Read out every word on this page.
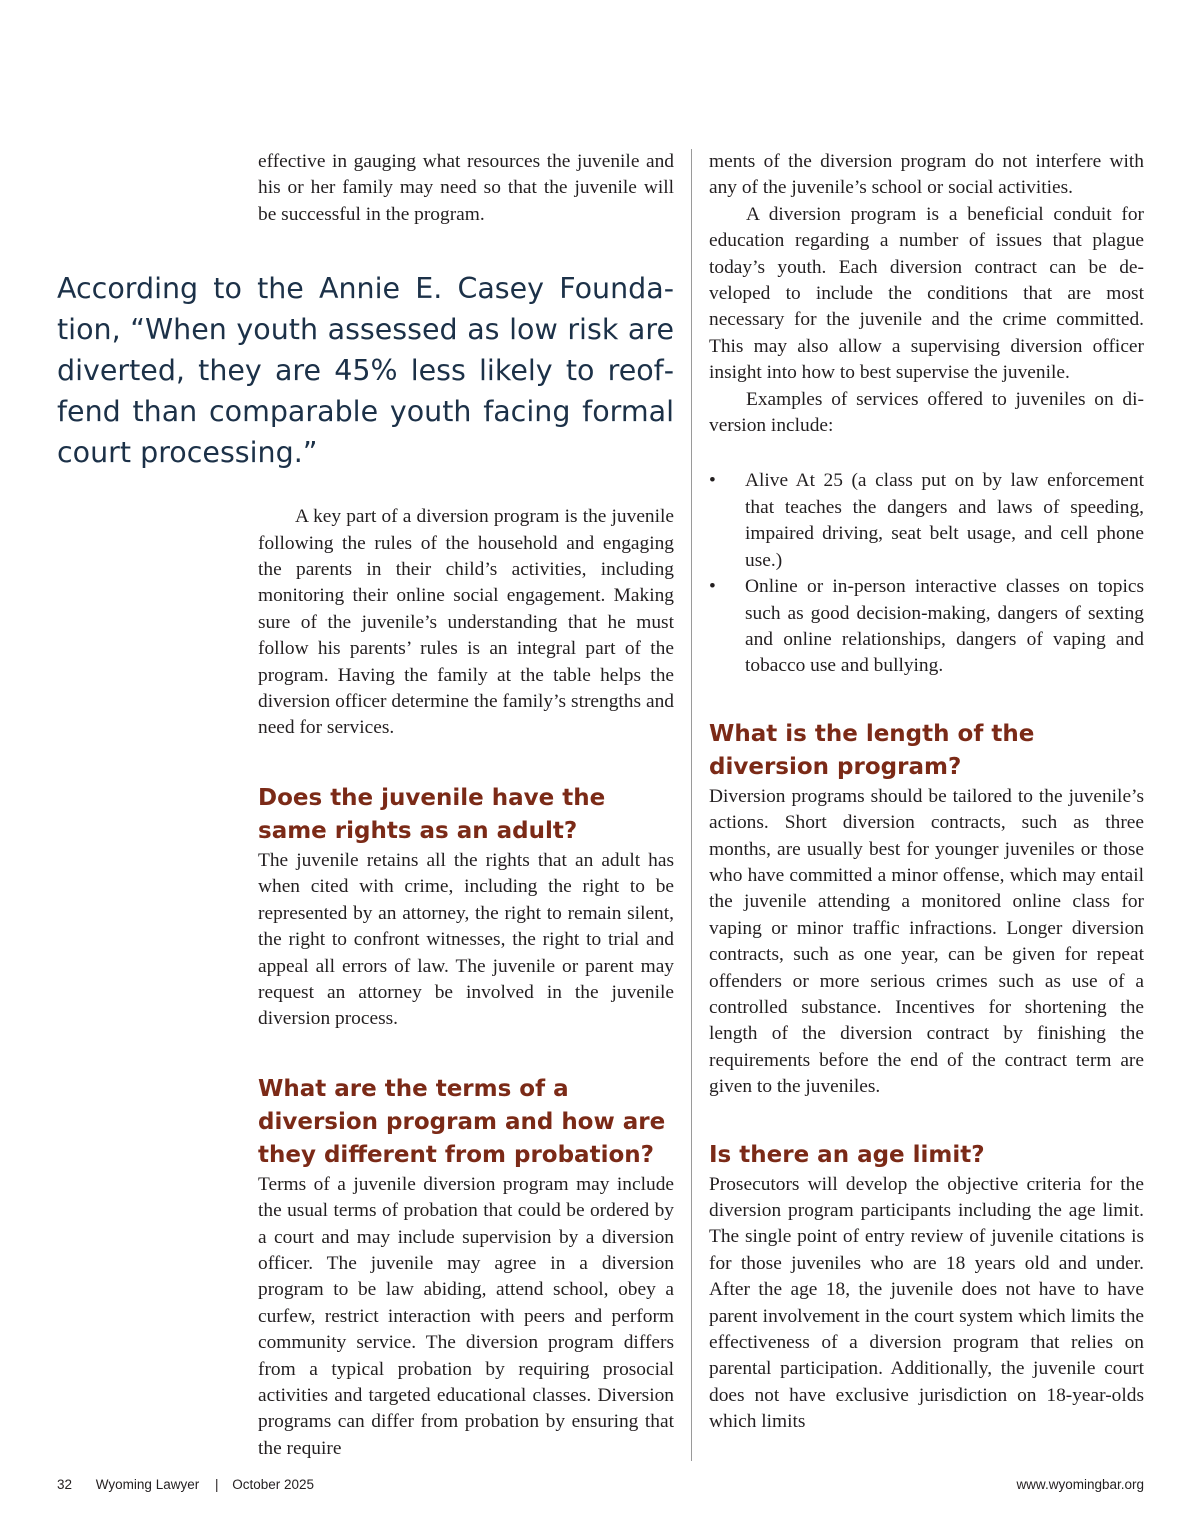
According to the Annie E. Casey Foundation, “When youth assessed as low risk are diverted, they are 45% less likely to reoffend than comparable youth facing formal court processing.”

effective in gauging what resources the juvenile and his or her family may need so that the juvenile will be successful in the program.

A key part of a diversion program is the juvenile following the rules of the household and engaging the parents in their child’s activities, including monitoring their online social engagement. Making sure of the juvenile’s understanding that he must follow his parents’ rules is an integral part of the program. Having the family at the table helps the diversion officer determine the family’s strengths and need for services.

Does the juvenile have the same rights as an adult?

The juvenile retains all the rights that an adult has when cited with crime, including the right to be represented by an attorney, the right to remain silent, the right to confront witnesses, the right to trial and appeal all errors of law. The juvenile or parent may request an attorney be involved in the juvenile diversion process.

What are the terms of a diversion program and how are they different from probation?

Terms of a juvenile diversion program may include the usual terms of probation that could be ordered by a court and may include supervision by a diversion officer. The juvenile may agree in a diversion program to be law abiding, attend school, obey a curfew, restrict interaction with peers and perform community service. The diversion program differs from a typical probation by requiring prosocial activities and targeted educational classes. Diversion programs can differ from probation by ensuring that the require

ments of the diversion program do not interfere with any of the juvenile’s school or social activities.

A diversion program is a beneficial conduit for education regarding a number of issues that plague today’s youth. Each diversion contract can be developed to include the conditions that are most necessary for the juvenile and the crime committed. This may also allow a supervising diversion officer insight into how to best supervise the juvenile.

Examples of services offered to juveniles on diversion include:

• Alive At 25 (a class put on by law enforcement that teaches the dangers and laws of speeding, impaired driving, seat belt usage, and cell phone use.)
• Online or in-person interactive classes on topics such as good decision-making, dangers of sexting and online relationships, dangers of vaping and tobacco use and bullying.
What is the length of the diversion program?

Diversion programs should be tailored to the juvenile’s actions. Short diversion contracts, such as three months, are usually best for younger juveniles or those who have committed a minor offense, which may entail the juvenile attending a monitored online class for vaping or minor traffic infractions. Longer diversion contracts, such as one year, can be given for repeat offenders or more serious crimes such as use of a controlled substance. Incentives for shortening the length of the diversion contract by finishing the requirements before the end of the contract term are given to the juveniles.

Is there an age limit?

Prosecutors will develop the objective criteria for the diversion program participants including the age limit. The single point of entry review of juvenile citations is for those juveniles who are 18 years old and under. After the age 18, the juvenile does not have to have parent involvement in the court system which limits the effectiveness of a diversion program that relies on parental participation. Additionally, the juvenile court does not have exclusive jurisdiction on 18-year-olds which limits

32 Wyoming Lawyer | October 2025	www.wyomingbar.org
